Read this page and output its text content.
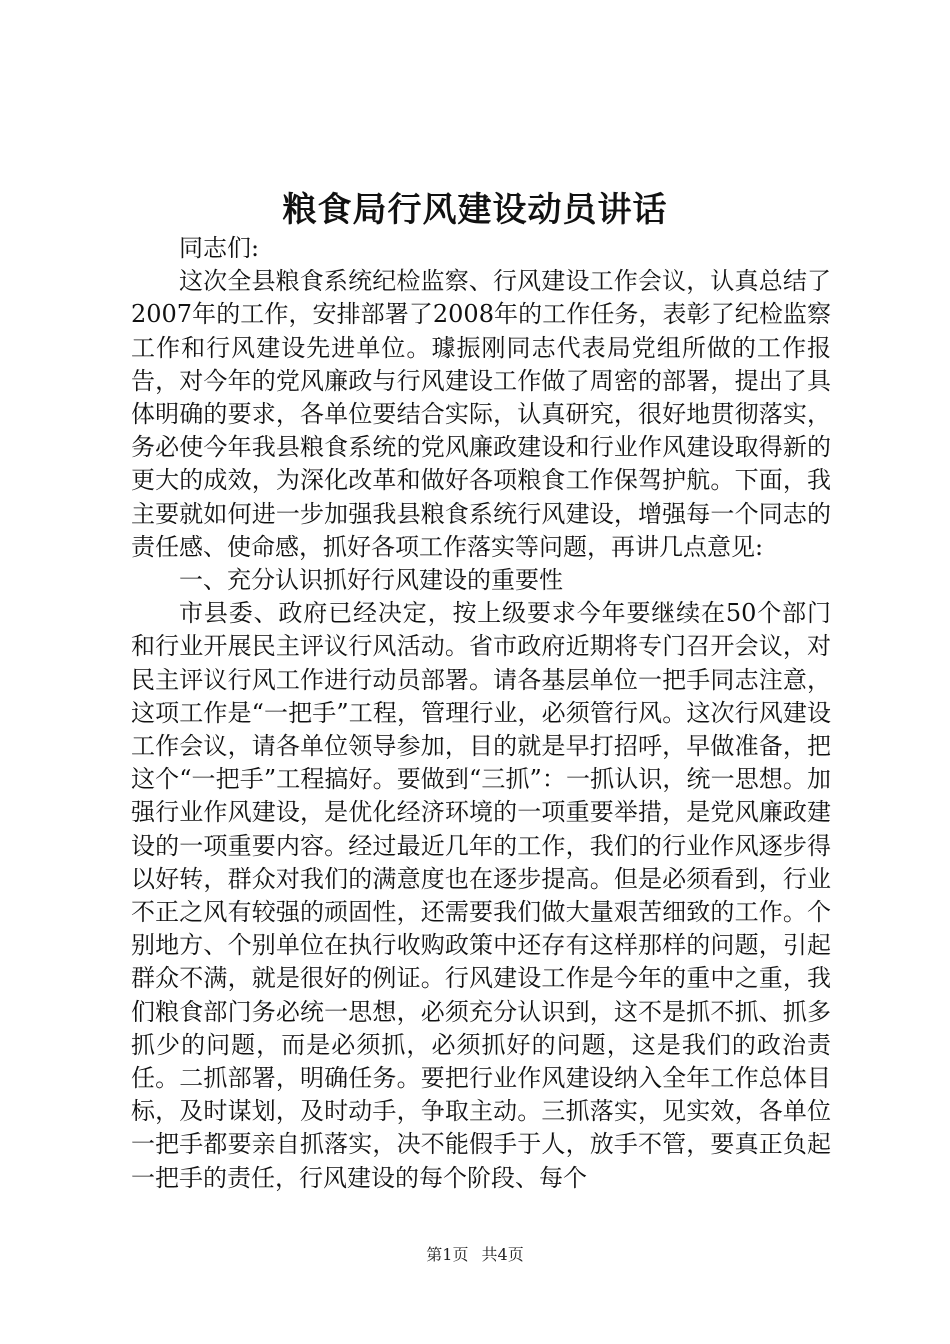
粮食局行风建设动员讲话

同志们:

这次全县粮食系统纪检监察、行风建设工作会议，认真总结了2007年的工作，安排部署了2008年的工作任务，表彰了纪检监察工作和行风建设先进单位。璩振刚同志代表局党组所做的工作报告，对今年的党风廉政与行风建设工作做了周密的部署，提出了具体明确的要求，各单位要结合实际，认真研究，很好地贯彻落实，务必使今年我县粮食系统的党风廉政建设和行业作风建设取得新的更大的成效，为深化改革和做好各项粮食工作保驾护航。下面，我主要就如何进一步加强我县粮食系统行风建设，增强每一个同志的责任感、使命感，抓好各项工作落实等问题，再讲几点意见:

一、充分认识抓好行风建设的重要性

市县委、政府已经决定，按上级要求今年要继续在50个部门和行业开展民主评议行风活动。省市政府近期将专门召开会议，对民主评议行风工作进行动员部署。请各基层单位一把手同志注意，这项工作是“一把手”工程，管理行业，必须管行风。这次行风建设工作会议，请各单位领导参加，目的就是早打招呼，早做准备，把这个“一把手”工程搞好。要做到“三抓”：一抓认识，统一思想。加强行业作风建设，是优化经济环境的一项重要举措，是党风廉政建设的一项重要内容。经过最近几年的工作，我们的行业作风逐步得以好转，群众对我们的满意度也在逐步提高。但是必须看到，行业不正之风有较强的顽固性，还需要我们做大量艰苦细致的工作。个别地方、个别单位在执行收购政策中还存有这样那样的问题，引起群众不满，就是很好的例证。行风建设工作是今年的重中之重，我们粮食部门务必统一思想，必须充分认识到，这不是抓不抓、抓多抓少的问题，而是必须抓，必须抓好的问题，这是我们的政治责任。二抓部署，明确任务。要把行业作风建设纳入全年工作总体目标，及时谋划，及时动手，争取主动。三抓落实，见实效，各单位一把手都要亲自抓落实，决不能假手于人，放手不管，要真正负起一把手的责任，行风建设的每个阶段、每个

第1页 共4页
